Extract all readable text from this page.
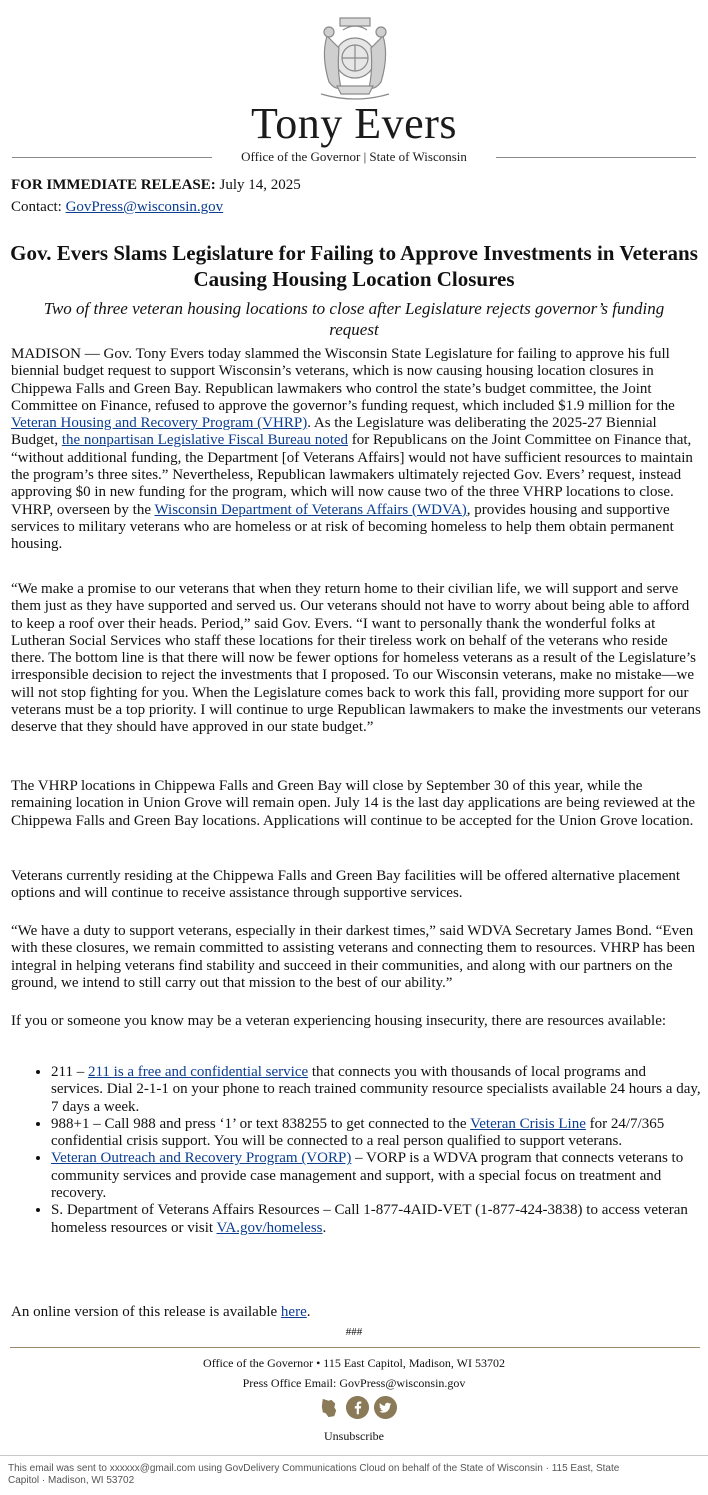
Tony Evers
Office of the Governor | State of Wisconsin
FOR IMMEDIATE RELEASE: July 14, 2025
Contact: GovPress@wisconsin.gov
Gov. Evers Slams Legislature for Failing to Approve Investments in Veterans Causing Housing Location Closures
Two of three veteran housing locations to close after Legislature rejects governor’s funding request
MADISON — Gov. Tony Evers today slammed the Wisconsin State Legislature for failing to approve his full biennial budget request to support Wisconsin’s veterans, which is now causing housing location closures in Chippewa Falls and Green Bay. Republican lawmakers who control the state’s budget committee, the Joint Committee on Finance, refused to approve the governor’s funding request, which included $1.9 million for the Veteran Housing and Recovery Program (VHRP). As the Legislature was deliberating the 2025-27 Biennial Budget, the nonpartisan Legislative Fiscal Bureau noted for Republicans on the Joint Committee on Finance that, “without additional funding, the Department [of Veterans Affairs] would not have sufficient resources to maintain the program’s three sites.” Nevertheless, Republican lawmakers ultimately rejected Gov. Evers’ request, instead approving $0 in new funding for the program, which will now cause two of the three VHRP locations to close. VHRP, overseen by the Wisconsin Department of Veterans Affairs (WDVA), provides housing and supportive services to military veterans who are homeless or at risk of becoming homeless to help them obtain permanent housing.
“We make a promise to our veterans that when they return home to their civilian life, we will support and serve them just as they have supported and served us. Our veterans should not have to worry about being able to afford to keep a roof over their heads. Period,” said Gov. Evers. “I want to personally thank the wonderful folks at Lutheran Social Services who staff these locations for their tireless work on behalf of the veterans who reside there. The bottom line is that there will now be fewer options for homeless veterans as a result of the Legislature’s irresponsible decision to reject the investments that I proposed. To our Wisconsin veterans, make no mistake—we will not stop fighting for you. When the Legislature comes back to work this fall, providing more support for our veterans must be a top priority. I will continue to urge Republican lawmakers to make the investments our veterans deserve that they should have approved in our state budget.”
The VHRP locations in Chippewa Falls and Green Bay will close by September 30 of this year, while the remaining location in Union Grove will remain open. July 14 is the last day applications are being reviewed at the Chippewa Falls and Green Bay locations. Applications will continue to be accepted for the Union Grove location.
Veterans currently residing at the Chippewa Falls and Green Bay facilities will be offered alternative placement options and will continue to receive assistance through supportive services.
“We have a duty to support veterans, especially in their darkest times,” said WDVA Secretary James Bond. “Even with these closures, we remain committed to assisting veterans and connecting them to resources. VHRP has been integral in helping veterans find stability and succeed in their communities, and along with our partners on the ground, we intend to still carry out that mission to the best of our ability.”
If you or someone you know may be a veteran experiencing housing insecurity, there are resources available:
• 211 – 211 is a free and confidential service that connects you with thousands of local programs and services. Dial 2-1-1 on your phone to reach trained community resource specialists available 24 hours a day, 7 days a week.
• 988+1 – Call 988 and press ‘1’ or text 838255 to get connected to the Veteran Crisis Line for 24/7/365 confidential crisis support. You will be connected to a real person qualified to support veterans.
• Veteran Outreach and Recovery Program (VORP) – VORP is a WDVA program that connects veterans to community services and provide case management and support, with a special focus on treatment and recovery.
• S. Department of Veterans Affairs Resources – Call 1-877-4AID-VET (1-877-424-3838) to access veteran homeless resources or visit VA.gov/homeless.
An online version of this release is available here.
###
Office of the Governor • 115 East Capitol, Madison, WI 53702
Press Office Email: GovPress@wisconsin.gov
Unsubscribe
This email was sent to xxxxxx@gmail.com using GovDelivery Communications Cloud on behalf of the State of Wisconsin · 115 East, State Capitol · Madison, WI 53702
